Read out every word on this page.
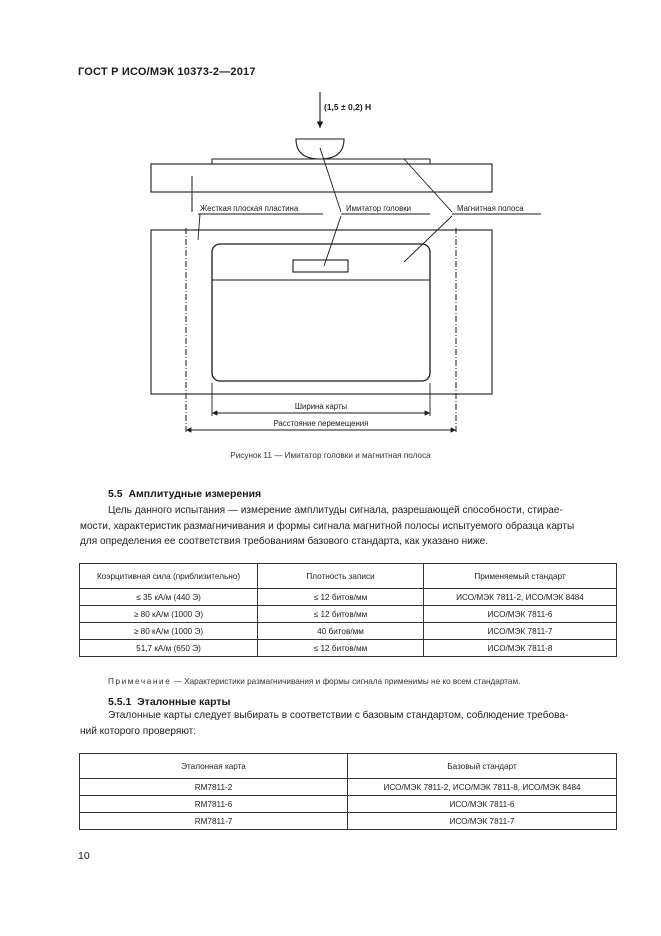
ГОСТ Р ИСО/МЭК 10373-2—2017
(1,5 ± 0,2) Н
Жесткая плоская пластина	Имитатор головки	Магнитная полоса
Ширина карты
Расстояние перемещения
Рисунок 11 — Имитатор головки и магнитная полоса
5.5 Амплитудные измерения
Цель данного испытания — измерение амплитуды сигнала, разрешающей способности, стирае-
мости, характеристик размагничивания и формы сигнала магнитной полосы испытуемого образца карты
для определения ее соответствия требованиям базового стандарта, как указано ниже.
Коэрцитивная сила (приблизительно)	Плотность записи	Применяемый стандарт
≤ 35 кА/м (440 Э)	≤ 12 битов/мм	ИСО/МЭК 7811-2, ИСО/МЭК 8484
≥ 80 кА/м (1000 Э)	≤ 12 битов/мм	ИСО/МЭК 7811-6
≥ 80 кА/м (1000 Э)	40 битов/мм	ИСО/МЭК 7811-7
51,7 кА/м (650 Э)	≤ 12 битов/мм	ИСО/МЭК 7811-8
Примечание — Характеристики размагничивания и формы сигнала применимы не ко всем стандартам.
5.5.1 Эталонные карты
Эталонные карты следует выбирать в соответствии с базовым стандартом, соблюдение требова-
ний которого проверяют:
Эталонная карта	Базовый стандарт
RM7811-2	ИСО/МЭК 7811-2, ИСО/МЭК 7811-8, ИСО/МЭК 8484
RM7811-6	ИСО/МЭК 7811-6
RM7811-7	ИСО/МЭК 7811-7
10
